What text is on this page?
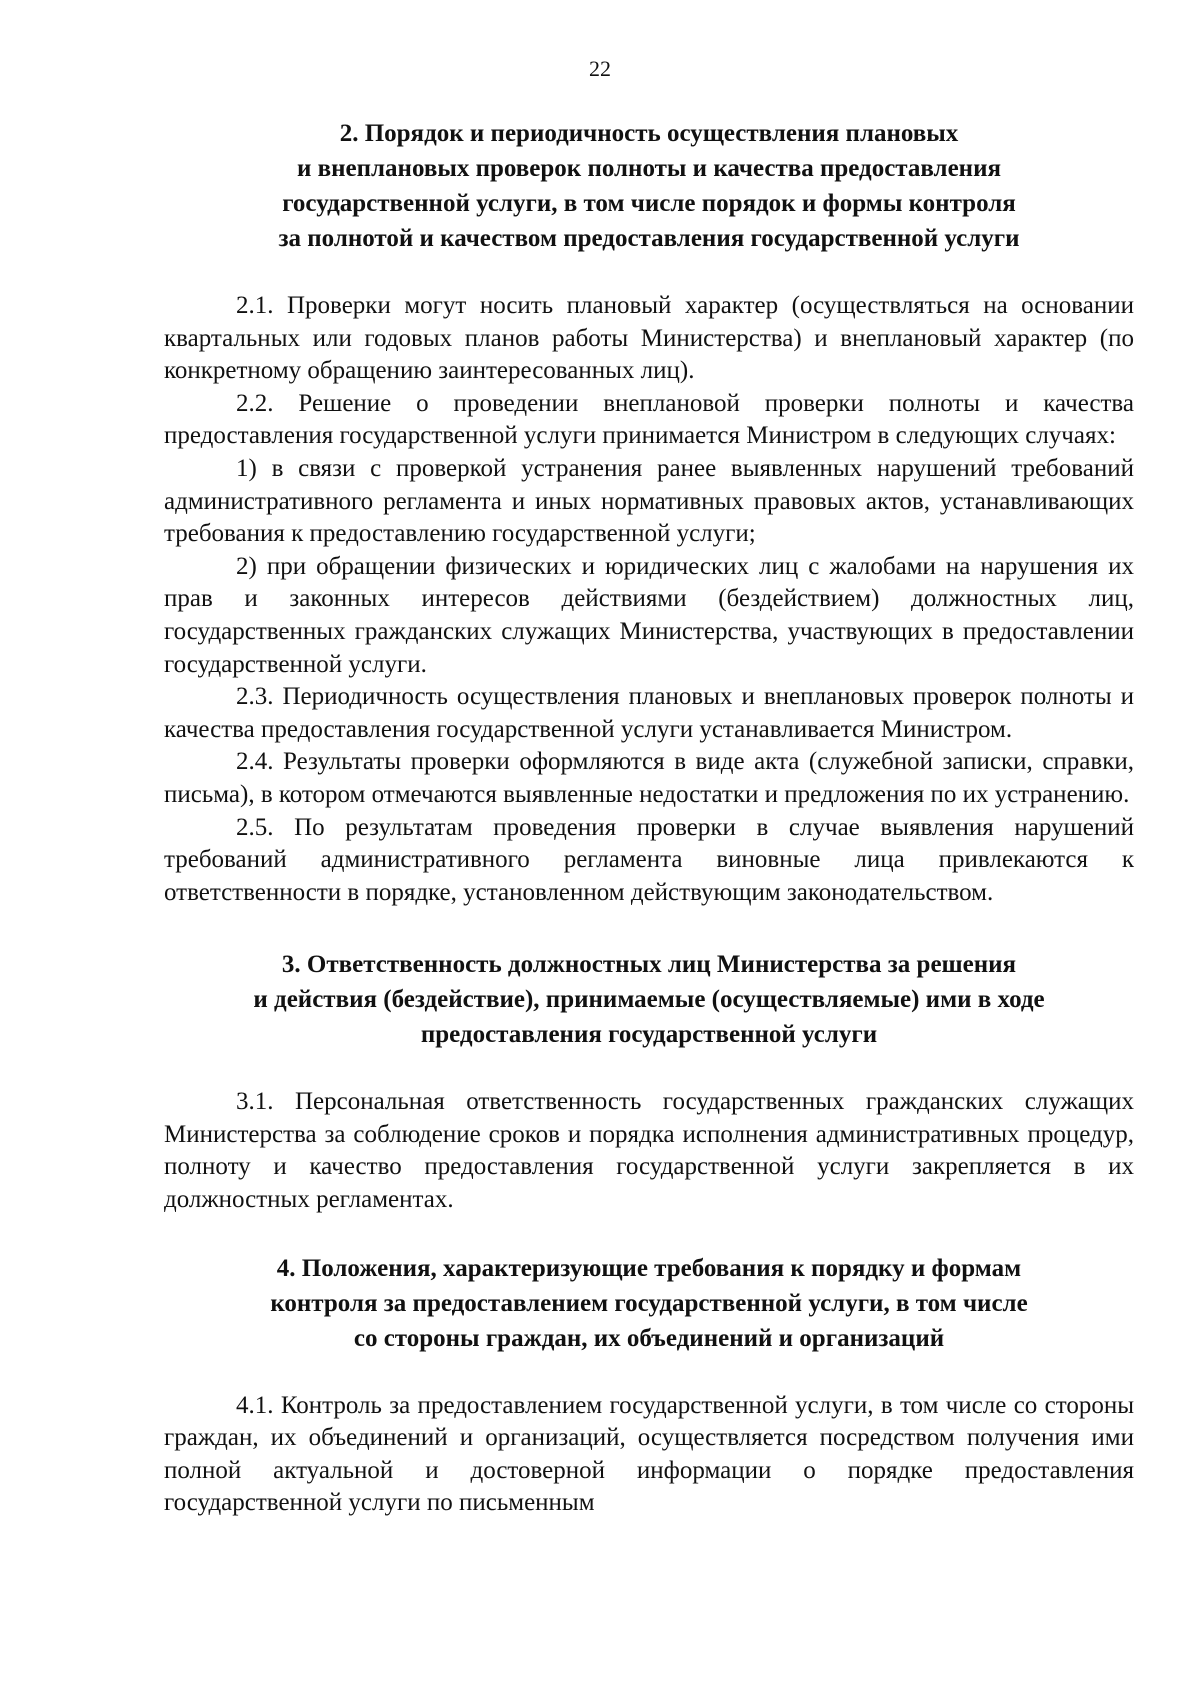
22
2. Порядок и периодичность осуществления плановых
и внеплановых проверок полноты и качества предоставления
государственной услуги, в том числе порядок и формы контроля
за полнотой и качеством предоставления государственной услуги

2.1. Проверки могут носить плановый характер (осуществляться на основании квартальных или годовых планов работы Министерства) и внеплановый характер (по конкретному обращению заинтересованных лиц).

2.2. Решение о проведении внеплановой проверки полноты и качества предоставления государственной услуги принимается Министром в следующих случаях:

1) в связи с проверкой устранения ранее выявленных нарушений требований административного регламента и иных нормативных правовых актов, устанавливающих требования к предоставлению государственной услуги;

2) при обращении физических и юридических лиц с жалобами на нарушения их прав и законных интересов действиями (бездействием) должностных лиц, государственных гражданских служащих Министерства, участвующих в предоставлении государственной услуги.

2.3. Периодичность осуществления плановых и внеплановых проверок полноты и качества предоставления государственной услуги устанавливается Министром.

2.4. Результаты проверки оформляются в виде акта (служебной записки, справки, письма), в котором отмечаются выявленные недостатки и предложения по их устранению.

2.5. По результатам проведения проверки в случае выявления нарушений требований административного регламента виновные лица привлекаются к ответственности в порядке, установленном действующим законодательством.

3. Ответственность должностных лиц Министерства за решения
и действия (бездействие), принимаемые (осуществляемые) ими в ходе
предоставления государственной услуги

3.1. Персональная ответственность государственных гражданских служащих Министерства за соблюдение сроков и порядка исполнения административных процедур, полноту и качество предоставления государственной услуги закрепляется в их должностных регламентах.

4. Положения, характеризующие требования к порядку и формам
контроля за предоставлением государственной услуги, в том числе
со стороны граждан, их объединений и организаций

4.1. Контроль за предоставлением государственной услуги, в том числе со стороны граждан, их объединений и организаций, осуществляется посредством получения ими полной актуальной и достоверной информации о порядке предоставления государственной услуги по письменным
